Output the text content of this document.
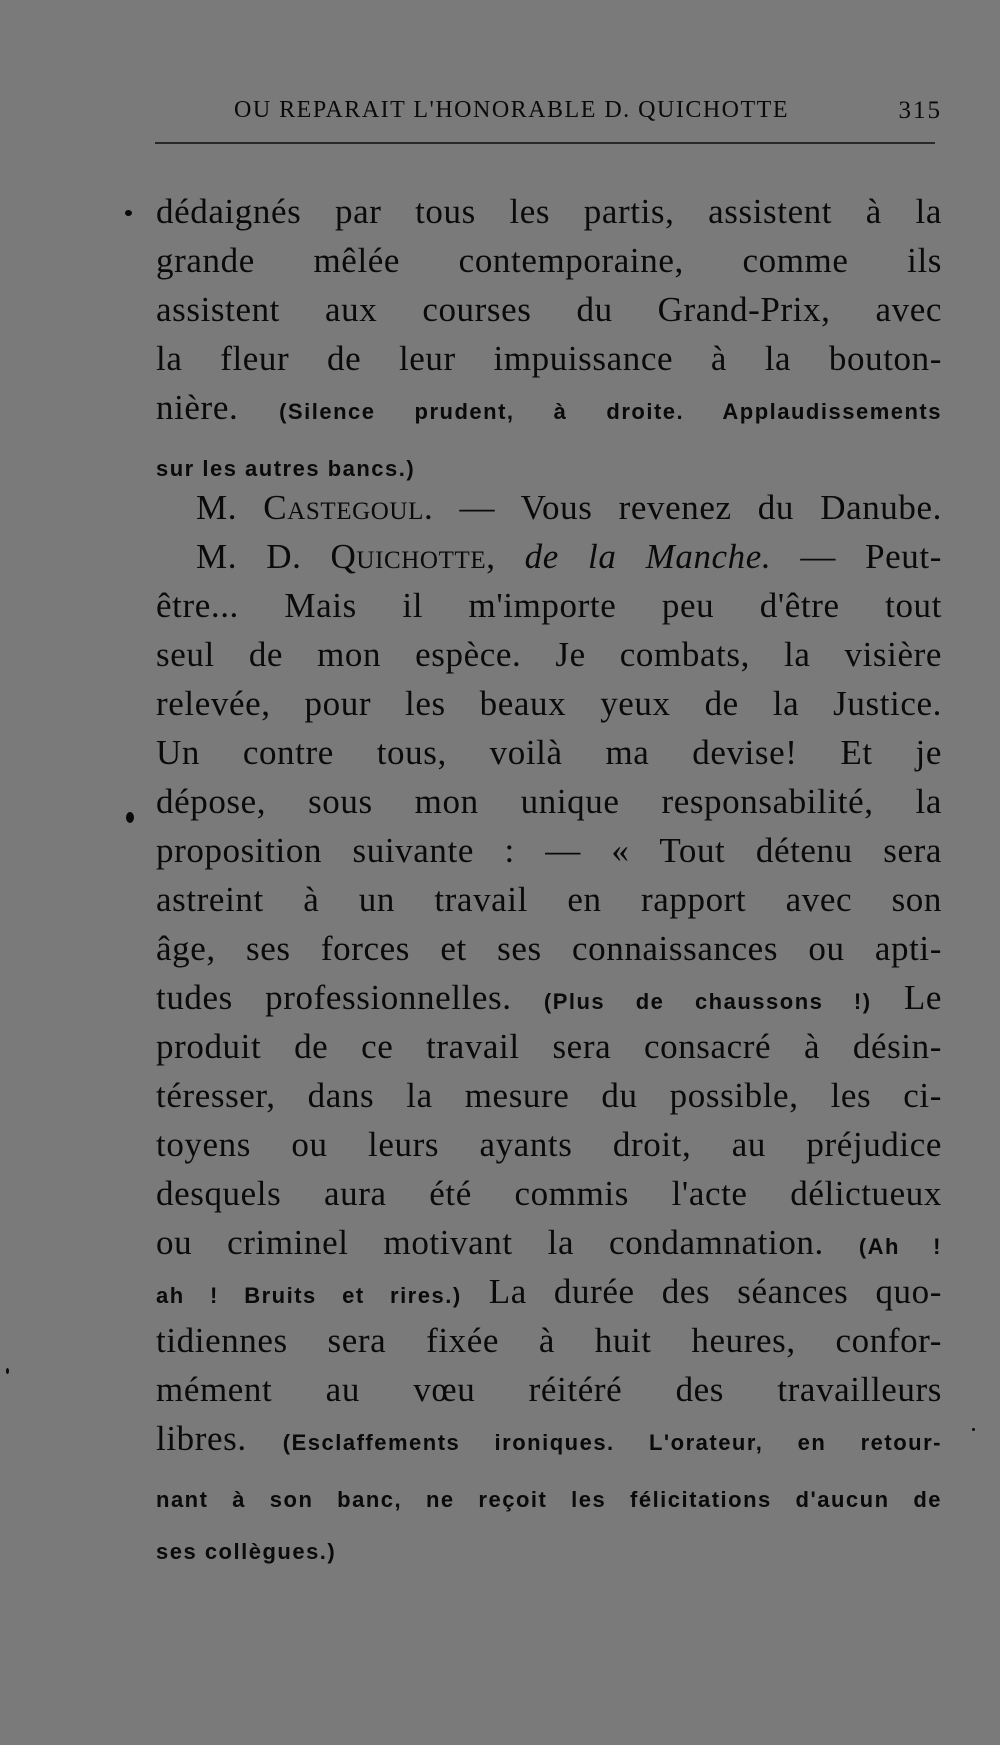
OU REPARAIT L'HONORABLE D. QUICHOTTE	315
dédaignés par tous les partis, assistent à la
grande mêlée contemporaine, comme ils
assistent aux courses du Grand-Prix, avec
la fleur de leur impuissance à la bouton-
nière. (Silence prudent, à droite. Applaudissements
sur les autres bancs.)
M. Castegoul. — Vous revenez du Danube.
M. D. Quichotte, de la Manche. — Peut-
être... Mais il m'importe peu d'être tout
seul de mon espèce. Je combats, la visière
relevée, pour les beaux yeux de la Justice.
Un contre tous, voilà ma devise! Et je
dépose, sous mon unique responsabilité, la
proposition suivante : — « Tout détenu sera
astreint à un travail en rapport avec son
âge, ses forces et ses connaissances ou apti-
tudes professionnelles. (Plus de chaussons !) Le
produit de ce travail sera consacré à désin-
téresser, dans la mesure du possible, les ci-
toyens ou leurs ayants droit, au préjudice
desquels aura été commis l'acte délictueux
ou criminel motivant la condamnation. (Ah !
ah ! Bruits et rires.) La durée des séances quo-
tidiennes sera fixée à huit heures, confor-
mément au vœu réitéré des travailleurs
libres. (Esclaffements ironiques. L'orateur, en retour-
nant à son banc, ne reçoit les félicitations d'aucun de
ses collègues.)
